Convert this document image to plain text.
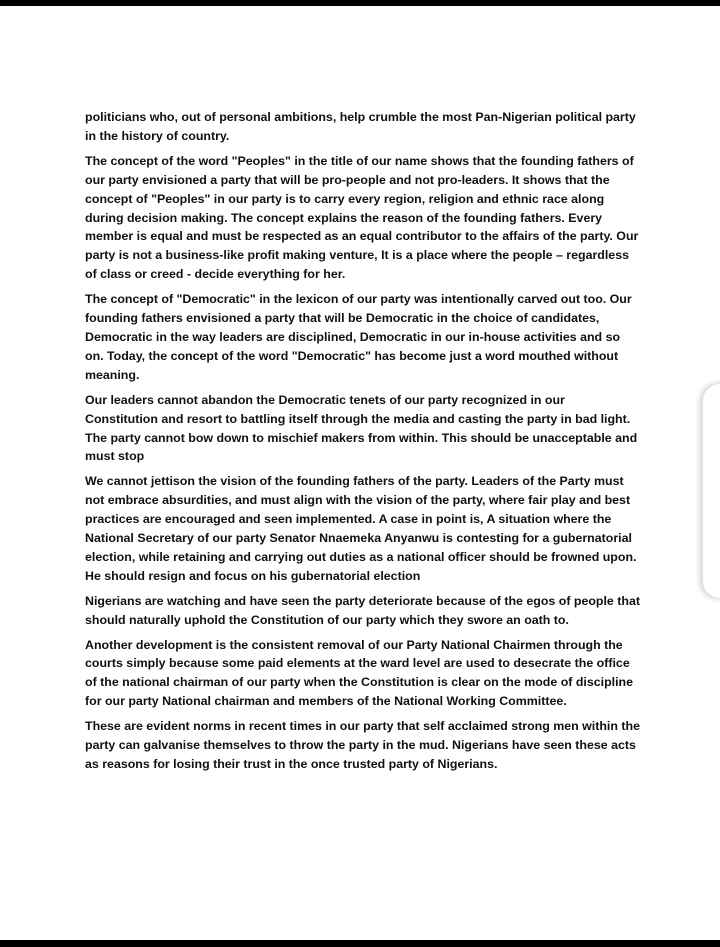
politicians who, out of personal ambitions, help crumble the most Pan-Nigerian political party in the history of country.

The concept of the word "Peoples" in the title of our name shows that the founding fathers of our party envisioned a party that will be pro-people and not pro-leaders. It shows that the concept of "Peoples" in our party is to carry every region, religion and ethnic race along during decision making. The concept explains the reason of the founding fathers. Every member is equal and must be respected as an equal contributor to the affairs of the party. Our party is not a business-like profit making venture, It is a place where the people – regardless of class or creed - decide everything for her.

The concept of "Democratic" in the lexicon of our party was intentionally carved out too. Our founding fathers envisioned a party that will be Democratic in the choice of candidates, Democratic in the way leaders are disciplined, Democratic in our in-house activities and so on. Today, the concept of the word "Democratic" has become just a word mouthed without meaning.

Our leaders cannot abandon the Democratic tenets of our party recognized in our Constitution and resort to battling itself through the media and casting the party in bad light. The party cannot bow down to mischief makers from within. This should be unacceptable and must stop

We cannot jettison the vision of the founding fathers of the party. Leaders of the Party must not embrace absurdities, and must align with the vision of the party, where fair play and best practices are encouraged and seen implemented. A case in point is, A situation where the National Secretary of our party Senator Nnaemeka Anyanwu is contesting for a gubernatorial election, while retaining and carrying out duties as a national officer should be frowned upon. He should resign and focus on his gubernatorial election

Nigerians are watching and have seen the party deteriorate because of the egos of people that should naturally uphold the Constitution of our party which they swore an oath to.

Another development is the consistent removal of our Party National Chairmen through the courts simply because some paid elements at the ward level are used to desecrate the office of the national chairman of our party when the Constitution is clear on the mode of discipline for our party National chairman and members of the National Working Committee.

These are evident norms in recent times in our party that self acclaimed strong men within the party can galvanise themselves to throw the party in the mud. Nigerians have seen these acts as reasons for losing their trust in the once trusted party of Nigerians.
